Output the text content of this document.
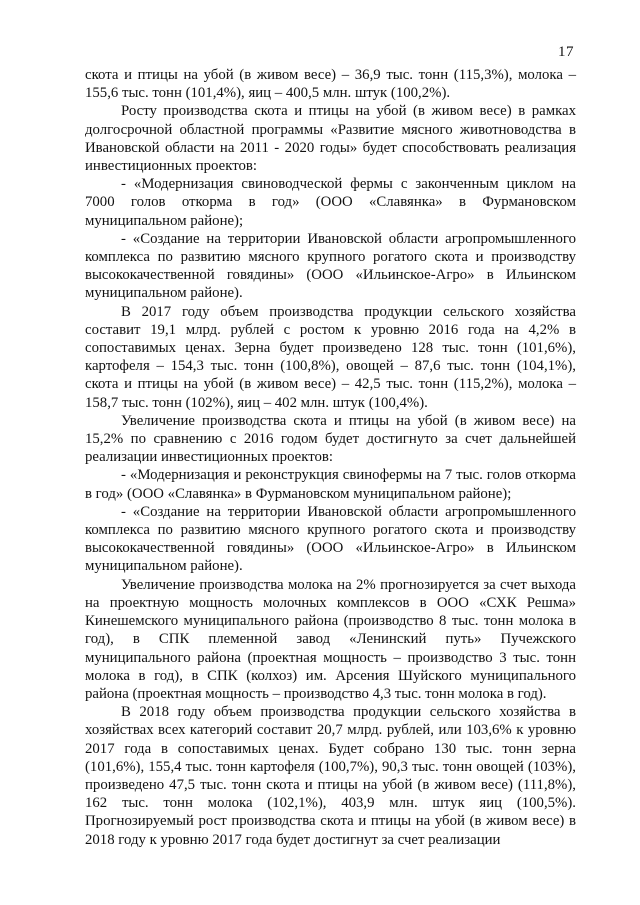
17

скота и птицы на убой (в живом весе) – 36,9 тыс. тонн (115,3%), молока – 155,6 тыс. тонн (101,4%), яиц – 400,5 млн. штук (100,2%).

Росту производства скота и птицы на убой (в живом весе) в рамках долгосрочной областной программы «Развитие мясного животноводства в Ивановской области на 2011 - 2020 годы» будет способствовать реализация инвестиционных проектов:

- «Модернизация свиноводческой фермы с законченным циклом на 7000 голов откорма в год» (ООО «Славянка» в Фурмановском муниципальном районе);

- «Создание на территории Ивановской области агропромышленного комплекса по развитию мясного крупного рогатого скота и производству высококачественной говядины» (ООО «Ильинское-Агро» в Ильинском муниципальном районе).

В 2017 году объем производства продукции сельского хозяйства составит 19,1 млрд. рублей с ростом к уровню 2016 года на 4,2% в сопоставимых ценах. Зерна будет произведено 128 тыс. тонн (101,6%), картофеля – 154,3 тыс. тонн (100,8%), овощей – 87,6 тыс. тонн (104,1%), скота и птицы на убой (в живом весе) – 42,5 тыс. тонн (115,2%), молока – 158,7 тыс. тонн (102%), яиц – 402 млн. штук (100,4%).

Увеличение производства скота и птицы на убой (в живом весе) на 15,2% по сравнению с 2016 годом будет достигнуто за счет дальнейшей реализации инвестиционных проектов:

- «Модернизация и реконструкция свинофермы на 7 тыс. голов откорма в год» (ООО «Славянка» в Фурмановском муниципальном районе);

- «Создание на территории Ивановской области агропромышленного комплекса по развитию мясного крупного рогатого скота и производству высококачественной говядины» (ООО «Ильинское-Агро» в Ильинском муниципальном районе).

Увеличение производства молока на 2% прогнозируется за счет выхода на проектную мощность молочных комплексов в ООО «СХК Решма» Кинешемского муниципального района (производство 8 тыс. тонн молока в год), в СПК племенной завод «Ленинский путь» Пучежского муниципального района (проектная мощность – производство 3 тыс. тонн молока в год), в СПК (колхоз) им. Арсения Шуйского муниципального района (проектная мощность – производство 4,3 тыс. тонн молока в год).

В 2018 году объем производства продукции сельского хозяйства в хозяйствах всех категорий составит 20,7 млрд. рублей, или 103,6% к уровню 2017 года в сопоставимых ценах. Будет собрано 130 тыс. тонн зерна (101,6%), 155,4 тыс. тонн картофеля (100,7%), 90,3 тыс. тонн овощей (103%), произведено 47,5 тыс. тонн скота и птицы на убой (в живом весе) (111,8%), 162 тыс. тонн молока (102,1%), 403,9 млн. штук яиц (100,5%). Прогнозируемый рост производства скота и птицы на убой (в живом весе) в 2018 году к уровню 2017 года будет достигнут за счет реализации
